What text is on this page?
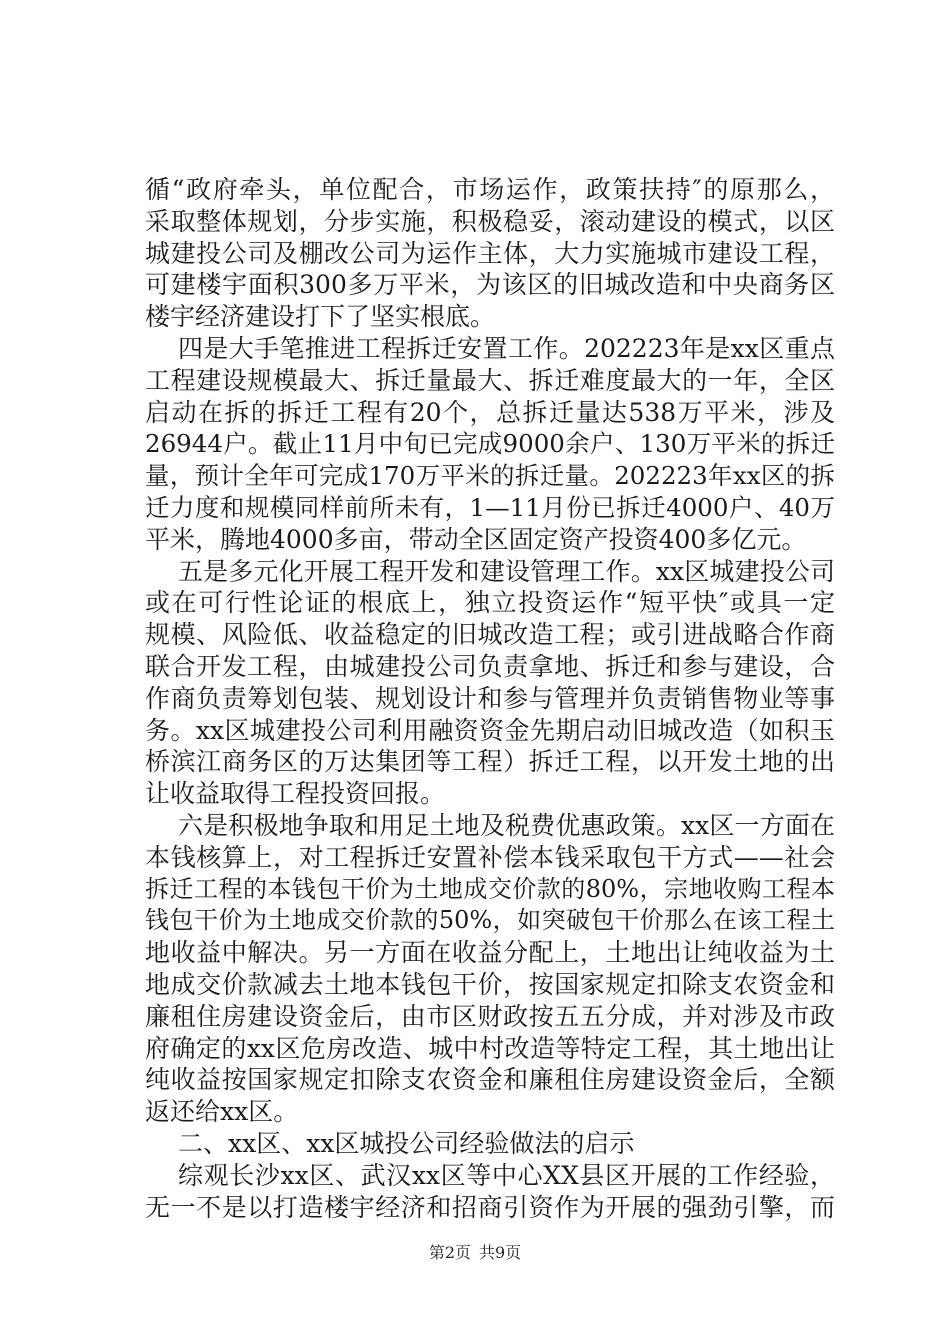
循“政府牵头，单位配合，市场运作，政策扶持″的原那么，
采取整体规划，分步实施，积极稳妥，滚动建设的模式，以区
城建投公司及棚改公司为运作主体，大力实施城市建设工程，
可建楼宇面积300多万平米，为该区的旧城改造和中央商务区
楼宇经济建设打下了坚实根底。
四是大手笔推进工程拆迁安置工作。202223年是xx区重点
工程建设规模最大、拆迁量最大、拆迁难度最大的一年，全区
启动在拆的拆迁工程有20个，总拆迁量达538万平米，涉及
26944户。截止11月中旬已完成9000余户、130万平米的拆迁
量，预计全年可完成170万平米的拆迁量。202223年xx区的拆
迁力度和规模同样前所未有，1—11月份已拆迁4000户、40万
平米，腾地4000多亩，带动全区固定资产投资400多亿元。
五是多元化开展工程开发和建设管理工作。xx区城建投公司
或在可行性论证的根底上，独立投资运作“短平快″或具一定
规模、风险低、收益稳定的旧城改造工程；或引进战略合作商
联合开发工程，由城建投公司负责拿地、拆迁和参与建设，合
作商负责筹划包装、规划设计和参与管理并负责销售物业等事
务。xx区城建投公司利用融资资金先期启动旧城改造（如积玉
桥滨江商务区的万达集团等工程）拆迁工程，以开发土地的出
让收益取得工程投资回报。
六是积极地争取和用足土地及税费优惠政策。xx区一方面在
本钱核算上，对工程拆迁安置补偿本钱采取包干方式——社会
拆迁工程的本钱包干价为土地成交价款的80%，宗地收购工程本
钱包干价为土地成交价款的50%，如突破包干价那么在该工程土
地收益中解决。另一方面在收益分配上，土地出让纯收益为土
地成交价款减去土地本钱包干价，按国家规定扣除支农资金和
廉租住房建设资金后，由市区财政按五五分成，并对涉及市政
府确定的xx区危房改造、城中村改造等特定工程，其土地出让
纯收益按国家规定扣除支农资金和廉租住房建设资金后，全额
返还给xx区。
二、xx区、xx区城投公司经验做法的启示
综观长沙xx区、武汉xx区等中心XX县区开展的工作经验，
无一不是以打造楼宇经济和招商引资作为开展的强劲引擎，而
第2页 共9页
